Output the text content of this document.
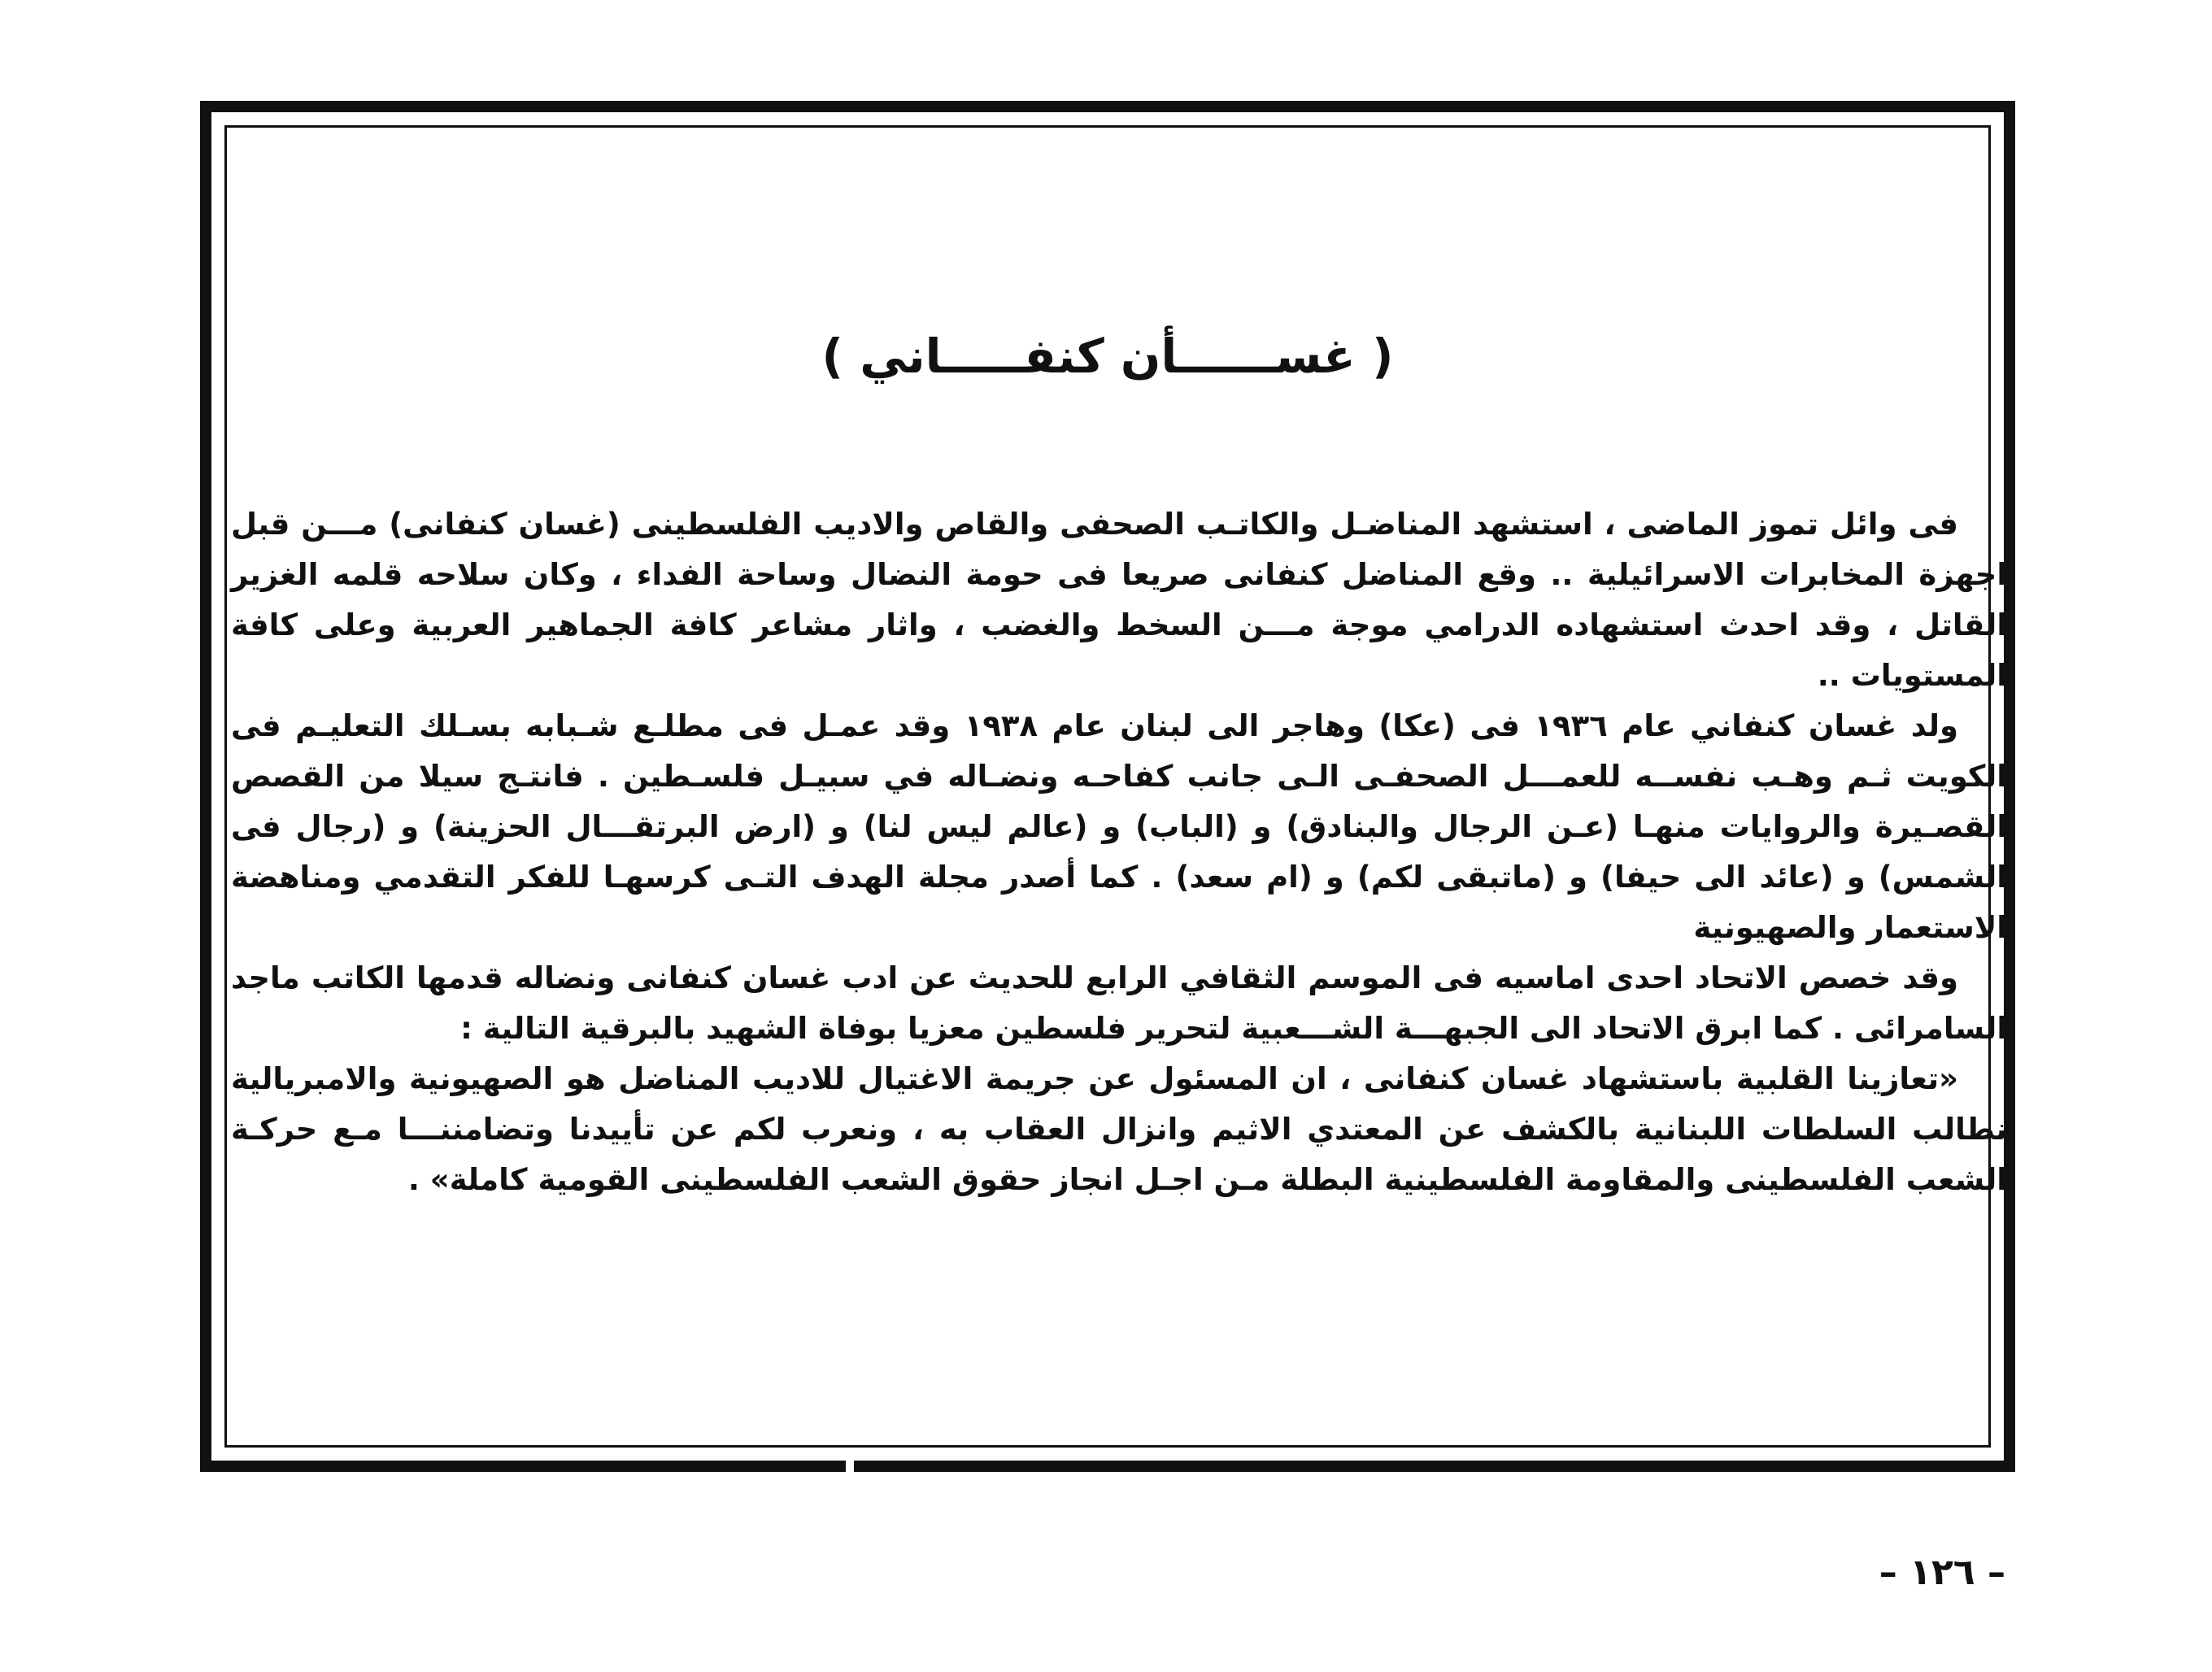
( غســــــأن كنفـــــاني )

فى وائل تموز الماضى ، استشهد المناضـل والكاتـب الصحفى والقاص والاديب الفلسطينى (غسان كنفانى) مـــن قبل اجهزة المخابرات الاسرائيلية .. وقع المناضل كنفانى صريعا فى حومة النضال وساحة الفداء ، وكان سلاحه قلمه الغزير القاتل ، وقد احدث استشهاده الدرامي موجة مـــن السخط والغضب ، واثار مشاعر كافة الجماهير العربية وعلى كافة المستويات ..

ولد غسان كنفاني عام ١٩٣٦ فى (عكا) وهاجر الى لبنان عام ١٩٣٨ وقد عمـل فى مطلـع شـبابه بسـلك التعليـم فى الكويت ثـم وهـب نفســه للعمـــل الصحفـى الـى جانب كفاحـه ونضـاله في سبيـل فلسـطين . فانتـج سيلا من القصص القصـيرة والروايات منهـا (عـن الرجال والبنادق) و (الباب) و (عالم ليس لنا) و (ارض البرتقـــال الحزينة) و (رجال فى الشمس) و (عائد الى حيفا) و (ماتبقى لكم) و (ام سعد) . كما أصدر مجلة الهدف التـى كرسهـا للفكر التقدمي ومناهضة الاستعمار والصهيونية

وقد خصص الاتحاد احدى اماسيه فى الموسم الثقافي الرابع للحديث عن ادب غسان كنفانى ونضاله قدمها الكاتب ماجد السامرائى . كما ابرق الاتحاد الى الجبهـــة الشـــعبية لتحرير فلسطين معزيا بوفاة الشهيد بالبرقية التالية :

«تعازينا القلبية باستشهاد غسان كنفانى ، ان المسئول عن جريمة الاغتيال للاديب المناضل هو الصهيونية والامبريالية نطالب السلطات اللبنانية بالكشف عن المعتدي الاثيم وانزال العقاب به ، ونعرب لكم عن تأييدنا وتضامننـــا مـع حركـة الشعب الفلسطينى والمقاومة الفلسطينية البطلة مـن اجـل انجاز حقوق الشعب الفلسطينى القومية كاملة» .

– ١٢٦ –
